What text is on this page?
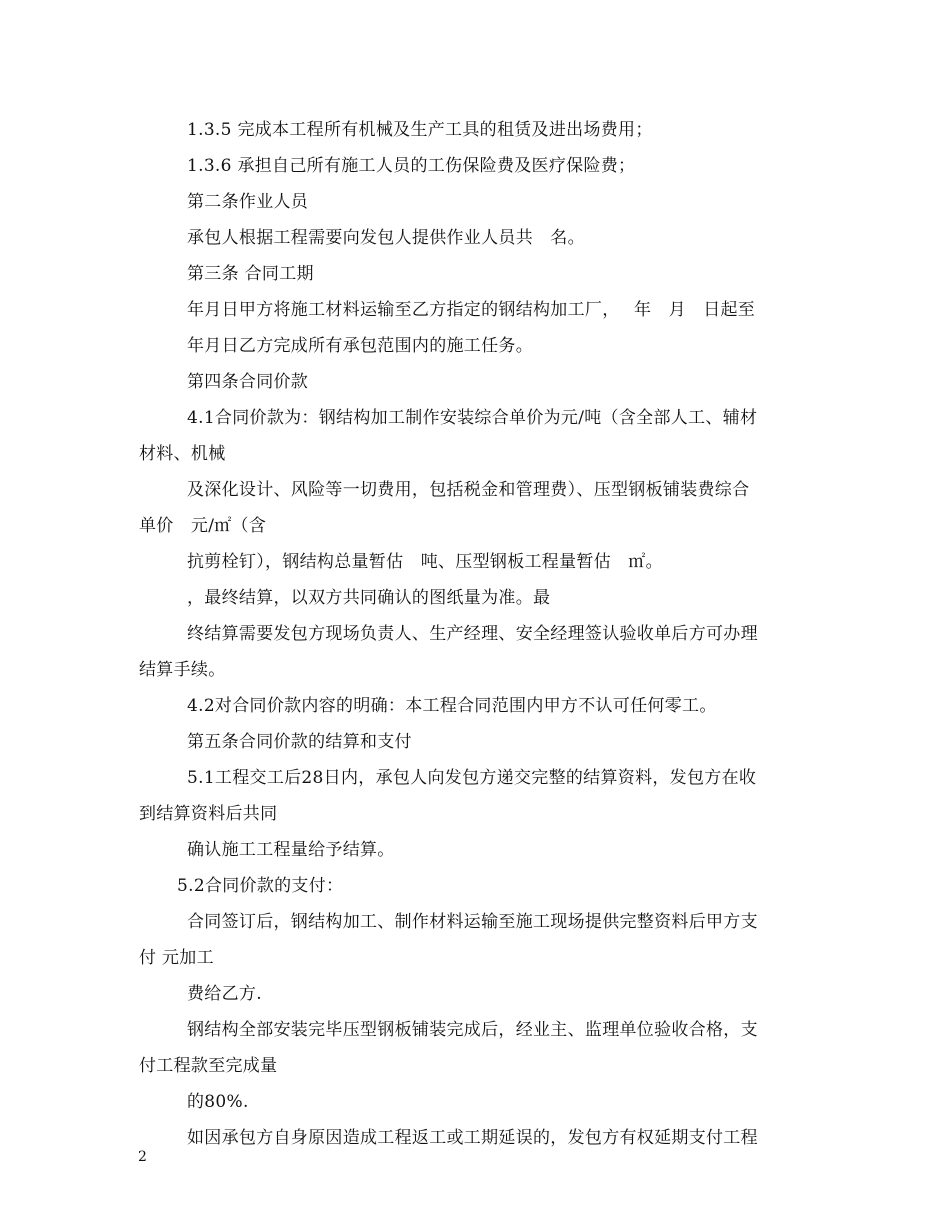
1.3.5 完成本工程所有机械及生产工具的租赁及进出场费用；
1.3.6 承担自己所有施工人员的工伤保险费及医疗保险费；
第二条作业人员
承包人根据工程需要向发包人提供作业人员共　名。
第三条 合同工期
年月日甲方将施工材料运输至乙方指定的钢结构加工厂，　 年　月　日起至
年月日乙方完成所有承包范围内的施工任务。
第四条合同价款
4.1合同价款为：钢结构加工制作安装综合单价为元/吨（含全部人工、辅材
材料、机械
及深化设计、风险等一切费用，包括税金和管理费）、压型钢板铺装费综合
单价　元/㎡（含
抗剪栓钉），钢结构总量暂估　吨、压型钢板工程量暂估　㎡。
，最终结算，以双方共同确认的图纸量为准。最
终结算需要发包方现场负责人、生产经理、安全经理签认验收单后方可办理
结算手续。
4.2对合同价款内容的明确：本工程合同范围内甲方不认可任何零工。
第五条合同价款的结算和支付
5.1工程交工后28日内，承包人向发包方递交完整的结算资料，发包方在收
到结算资料后共同
确认施工工程量给予结算。
5.2合同价款的支付：
合同签订后，钢结构加工、制作材料运输至施工现场提供完整资料后甲方支
付 元加工
费给乙方.
钢结构全部安装完毕压型钢板铺装完成后，经业主、监理单位验收合格，支
付工程款至完成量
的80%.
如因承包方自身原因造成工程返工或工期延误的，发包方有权延期支付工程
2
